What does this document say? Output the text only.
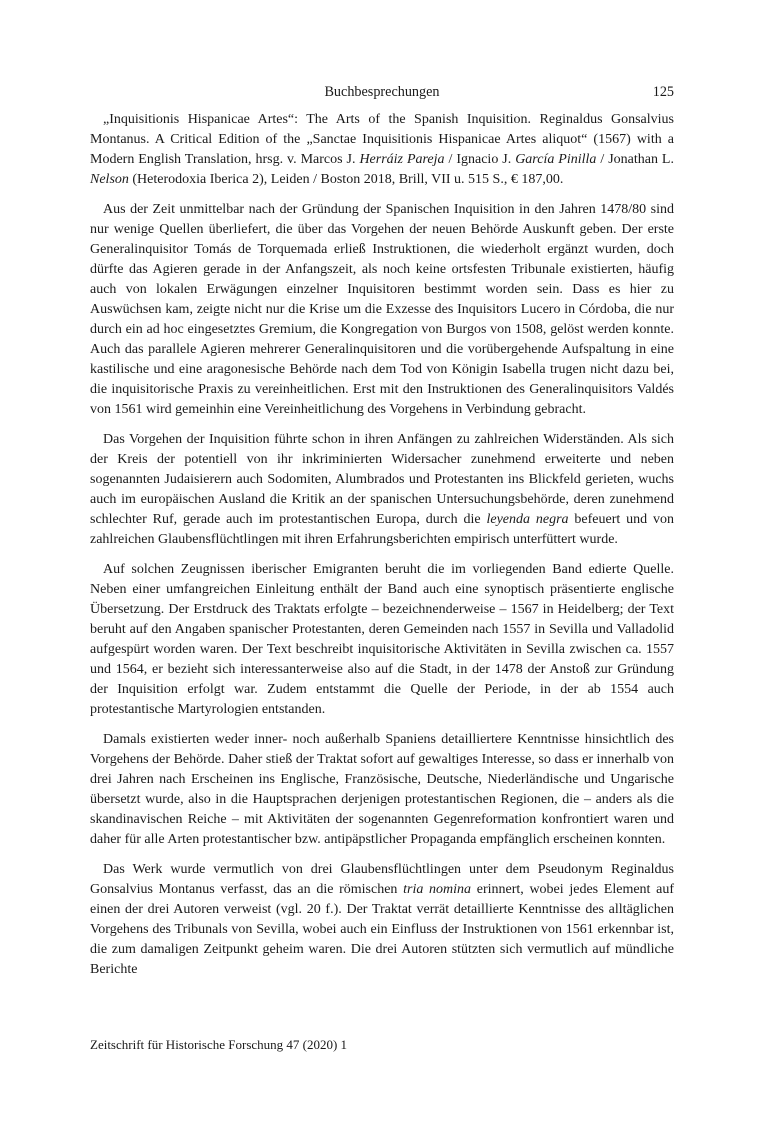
Buchbesprechungen	125

„Inquisitionis Hispanicae Artes“: The Arts of the Spanish Inquisition. Reginaldus Gonsalvius Montanus. A Critical Edition of the „Sanctae Inquisitionis Hispanicae Artes aliquot“ (1567) with a Modern English Translation, hrsg. v. Marcos J. Herráiz Pareja / Ignacio J. García Pinilla / Jonathan L. Nelson (Heterodoxia Iberica 2), Leiden / Boston 2018, Brill, VII u. 515 S., € 187,00.

Aus der Zeit unmittelbar nach der Gründung der Spanischen Inquisition in den Jahren 1478/80 sind nur wenige Quellen überliefert, die über das Vorgehen der neuen Behörde Auskunft geben. Der erste Generalinquisitor Tomás de Torquemada erließ Instruktionen, die wiederholt ergänzt wurden, doch dürfte das Agieren gerade in der Anfangszeit, als noch keine ortsfesten Tribunale existierten, häufig auch von lokalen Erwägungen einzelner Inquisitoren bestimmt worden sein. Dass es hier zu Auswüchsen kam, zeigte nicht nur die Krise um die Exzesse des Inquisitors Lucero in Córdoba, die nur durch ein ad hoc eingesetztes Gremium, die Kongregation von Burgos von 1508, gelöst werden konnte. Auch das parallele Agieren mehrerer Generalinquisitoren und die vorübergehende Aufspaltung in eine kastilische und eine aragonesische Behörde nach dem Tod von Königin Isabella trugen nicht dazu bei, die inquisitorische Praxis zu vereinheitlichen. Erst mit den Instruktionen des Generalinquisitors Valdés von 1561 wird gemeinhin eine Vereinheitlichung des Vorgehens in Verbindung gebracht.

Das Vorgehen der Inquisition führte schon in ihren Anfängen zu zahlreichen Widerständen. Als sich der Kreis der potentiell von ihr inkriminierten Widersacher zunehmend erweiterte und neben sogenannten Judaisierern auch Sodomiten, Alumbrados und Protestanten ins Blickfeld gerieten, wuchs auch im europäischen Ausland die Kritik an der spanischen Untersuchungsbehörde, deren zunehmend schlechter Ruf, gerade auch im protestantischen Europa, durch die leyenda negra befeuert und von zahlreichen Glaubensflüchtlingen mit ihren Erfahrungsberichten empirisch unterfüttert wurde.

Auf solchen Zeugnissen iberischer Emigranten beruht die im vorliegenden Band edierte Quelle. Neben einer umfangreichen Einleitung enthält der Band auch eine synoptisch präsentierte englische Übersetzung. Der Erstdruck des Traktats erfolgte – bezeichnenderweise – 1567 in Heidelberg; der Text beruht auf den Angaben spanischer Protestanten, deren Gemeinden nach 1557 in Sevilla und Valladolid aufgespürt worden waren. Der Text beschreibt inquisitorische Aktivitäten in Sevilla zwischen ca. 1557 und 1564, er bezieht sich interessanterweise also auf die Stadt, in der 1478 der Anstoß zur Gründung der Inquisition erfolgt war. Zudem entstammt die Quelle der Periode, in der ab 1554 auch protestantische Martyrologien entstanden.

Damals existierten weder inner- noch außerhalb Spaniens detailliertere Kenntnisse hinsichtlich des Vorgehens der Behörde. Daher stieß der Traktat sofort auf gewaltiges Interesse, so dass er innerhalb von drei Jahren nach Erscheinen ins Englische, Französische, Deutsche, Niederländische und Ungarische übersetzt wurde, also in die Hauptsprachen derjenigen protestantischen Regionen, die – anders als die skandinavischen Reiche – mit Aktivitäten der sogenannten Gegenreformation konfrontiert waren und daher für alle Arten protestantischer bzw. antipäpstlicher Propaganda empfänglich erscheinen konnten.

Das Werk wurde vermutlich von drei Glaubensflüchtlingen unter dem Pseudonym Reginaldus Gonsalvius Montanus verfasst, das an die römischen tria nomina erinnert, wobei jedes Element auf einen der drei Autoren verweist (vgl. 20 f.). Der Traktat verrät detaillierte Kenntnisse des alltäglichen Vorgehens des Tribunals von Sevilla, wobei auch ein Einfluss der Instruktionen von 1561 erkennbar ist, die zum damaligen Zeitpunkt geheim waren. Die drei Autoren stützten sich vermutlich auf mündliche Berichte

Zeitschrift für Historische Forschung 47 (2020) 1
